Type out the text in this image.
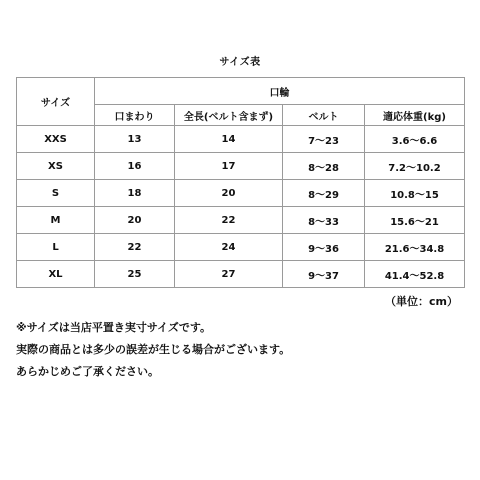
サイズ表
サイズ	口輪			
	口まわり	全長(ベルト含まず)	ベルト	適応体重(kg)
XXS	13	14	7～23	3.6～6.6
XS	16	17	8～28	7.2～10.2
S	18	20	8～29	10.8～15
M	20	22	8～33	15.6～21
L	22	24	9～36	21.6～34.8
XL	25	27	9～37	41.4～52.8
（単位：cm）
※サイズは当店平置き実寸サイズです。
実際の商品とは多少の誤差が生じる場合がございます。
あらかじめご了承ください。
